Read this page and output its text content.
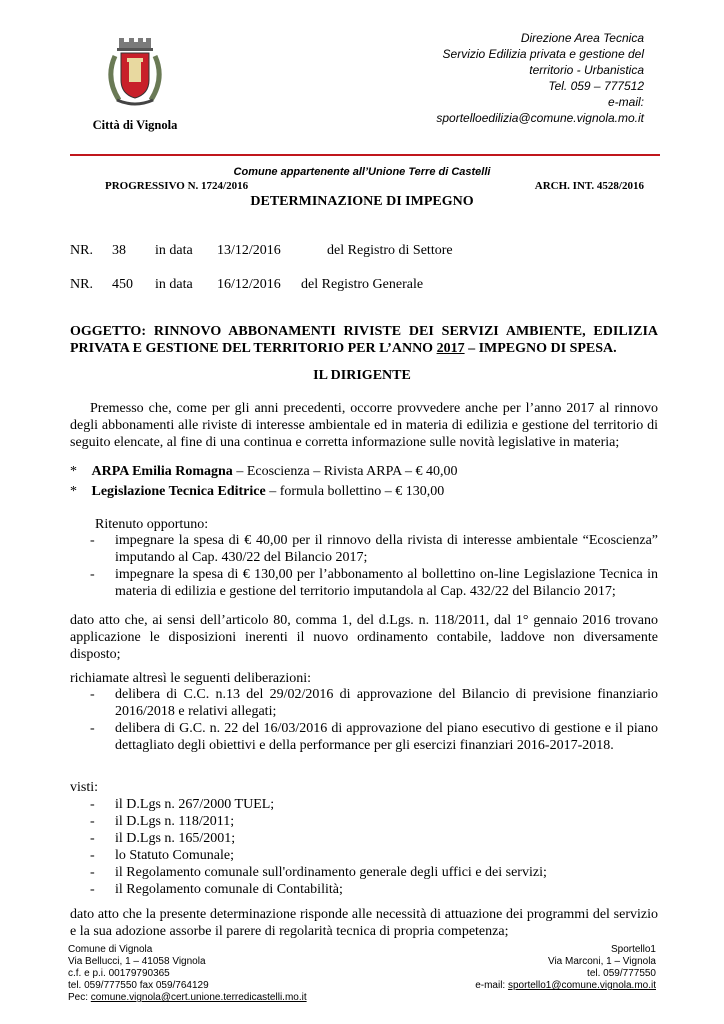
Direzione Area Tecnica
Servizio Edilizia privata e gestione del
territorio - Urbanistica
Tel. 059 – 777512
e-mail:
sportelloedilizia@comune.vignola.mo.it
Città di Vignola
Comune appartenente all’Unione Terre di Castelli
PROGRESSIVO N. 1724/2016	ARCH. INT. 4528/2016
DETERMINAZIONE DI IMPEGNO
NR. 38 in data 13/12/2016	del Registro di Settore
NR. 450 in data 16/12/2016 del Registro Generale
OGGETTO: RINNOVO ABBONAMENTI RIVISTE DEI SERVIZI AMBIENTE, EDILIZIA PRIVATA E GESTIONE DEL TERRITORIO PER L’ANNO 2017 – IMPEGNO DI SPESA.
IL DIRIGENTE
Premesso che, come per gli anni precedenti, occorre provvedere anche per l’anno 2017 al rinnovo degli abbonamenti alle riviste di interesse ambientale ed in materia di edilizia e gestione del territorio di seguito elencate, al fine di una continua e corretta informazione sulle novità legislative in materia;
* ARPA Emilia Romagna – Ecoscienza – Rivista ARPA – € 40,00
* Legislazione Tecnica Editrice – formula bollettino – € 130,00
Ritenuto opportuno:
- impegnare la spesa di € 40,00 per il rinnovo della rivista di interesse ambientale “Ecoscienza” imputando al Cap. 430/22 del Bilancio 2017;
- impegnare la spesa di € 130,00 per l’abbonamento al bollettino on-line Legislazione Tecnica in materia di edilizia e gestione del territorio imputandola al Cap. 432/22 del Bilancio 2017;
dato atto che, ai sensi dell’articolo 80, comma 1, del d.Lgs. n. 118/2011, dal 1° gennaio 2016 trovano applicazione le disposizioni inerenti il nuovo ordinamento contabile, laddove non diversamente disposto;
richiamate altresì le seguenti deliberazioni:
- delibera di C.C. n.13 del 29/02/2016 di approvazione del Bilancio di previsione finanziario 2016/2018 e relativi allegati;
- delibera di G.C. n. 22 del 16/03/2016 di approvazione del piano esecutivo di gestione e il piano dettagliato degli obiettivi e della performance per gli esercizi finanziari 2016-2017-2018.
visti:
- il D.Lgs n. 267/2000 TUEL;
- il D.Lgs n. 118/2011;
- il D.Lgs n. 165/2001;
- lo Statuto Comunale;
- il Regolamento comunale sull'ordinamento generale degli uffici e dei servizi;
- il Regolamento comunale di Contabilità;
dato atto che la presente determinazione risponde alle necessità di attuazione dei programmi del servizio e la sua adozione assorbe il parere di regolarità tecnica di propria competenza;
Comune di Vignola
Via Bellucci, 1 – 41058 Vignola
c.f. e p.i. 00179790365
tel. 059/777550 fax 059/764129
Pec: comune.vignola@cert.unione.terredicastelli.mo.it
Sportello1
Via Marconi, 1 – Vignola
tel. 059/777550
e-mail: sportello1@comune.vignola.mo.it
